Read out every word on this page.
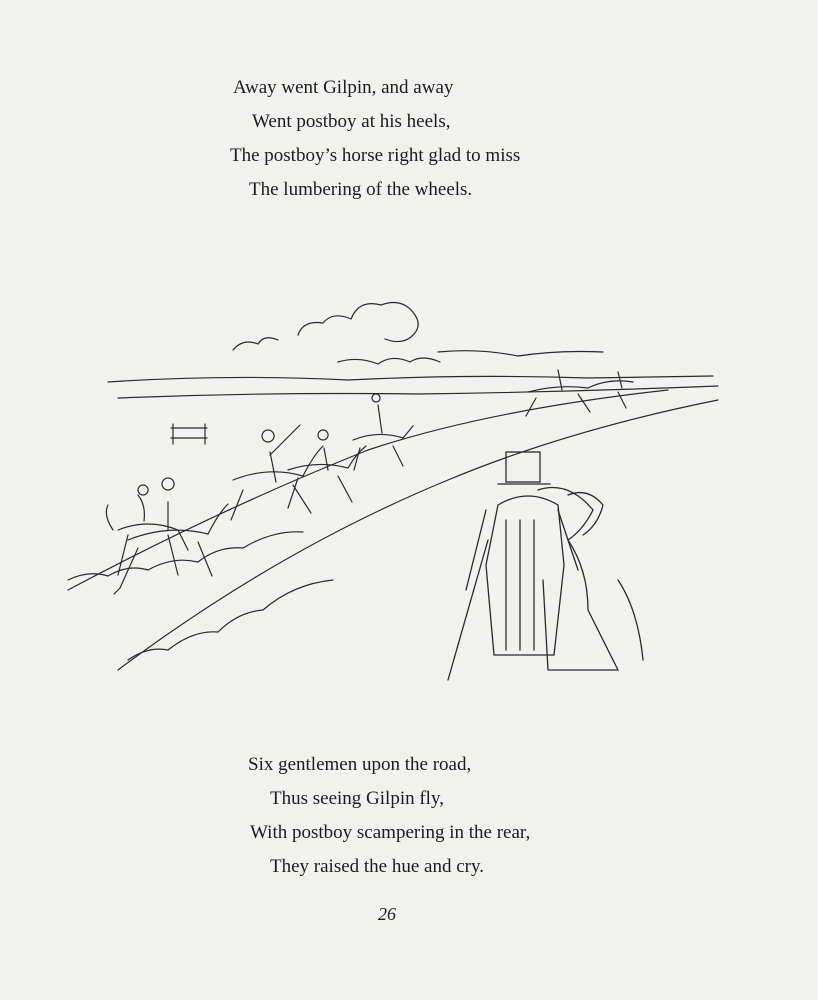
Away went Gilpin, and away
Went postboy at his heels,
The postboy’s horse right glad to miss
The lumbering of the wheels.
Six gentlemen upon the road,
Thus seeing Gilpin fly,
With postboy scampering in the rear,
They raised the hue and cry.
26
